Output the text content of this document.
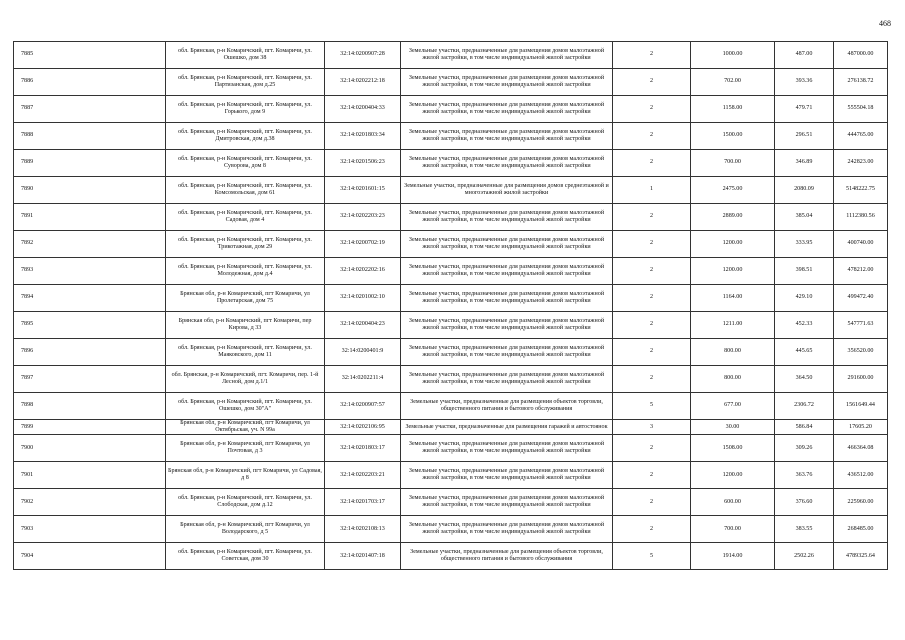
468
7885	обл. Брянская, р-н Комаричский, пгт. Комаричи, ул. Ошешко, дом 38	32:14:0200907:28	Земельные участки, предназначенные для размещения домов малоэтажной жилой застройки, в том числе индивидуальной жилой застройки	2	1000.00	487.00	487000.00
7886	обл. Брянская, р-н Комаричский, пгт. Комаричи, ул. Партизанская, дом д.25	32:14:0202212:18	Земельные участки, предназначенные для размещения домов малоэтажной жилой застройки, в том числе индивидуальной жилой застройки	2	702.00	393.36	276138.72
7887	обл. Брянская, р-н Комаричский, пгт. Комаричи, ул. Горького, дом 9	32:14:0200404:33	Земельные участки, предназначенные для размещения домов малоэтажной жилой застройки, в том числе индивидуальной жилой застройки	2	1158.00	479.71	555504.18
7888	обл. Брянская, р-н Комаричский, пгт. Комаричи, ул. Дмитровская, дом д.38	32:14:0201803:34	Земельные участки, предназначенные для размещения домов малоэтажной жилой застройки, в том числе индивидуальной жилой застройки	2	1500.00	296.51	444765.00
7889	обл. Брянская, р-н Комаричский, пгт. Комаричи, ул. Суворова, дом 8	32:14:0201506:23	Земельные участки, предназначенные для размещения домов малоэтажной жилой застройки, в том числе индивидуальной жилой застройки	2	700.00	346.89	242823.00
7890	обл. Брянская, р-н Комаричский, пгт. Комаричи, ул. Комсомольская, дом 61	32:14:0201601:15	Земельные участки, предназначенные для размещения домов среднеэтажной и многоэтажной жилой застройки	1	2475.00	2080.09	5148222.75
7891	обл. Брянская, р-н Комаричский, пгт. Комаричи, ул. Садовая, дом 4	32:14:0202203:23	Земельные участки, предназначенные для размещения домов малоэтажной жилой застройки, в том числе индивидуальной жилой застройки	2	2889.00	385.04	1112380.56
7892	обл. Брянская, р-н Комаричский, пгт. Комаричи, ул. Трикотажная, дом 29	32:14:0200702:19	Земельные участки, предназначенные для размещения домов малоэтажной жилой застройки, в том числе индивидуальной жилой застройки	2	1200.00	333.95	400740.00
7893	обл. Брянская, р-н Комаричский, пгт. Комаричи, ул. Молодежная, дом д.4	32:14:0202202:16	Земельные участки, предназначенные для размещения домов малоэтажной жилой застройки, в том числе индивидуальной жилой застройки	2	1200.00	398.51	478212.00
7894	Брянская обл, р-н Комаричский, пгт Комаричи, ул Пролетарская, дом 75	32:14:0201002:10	Земельные участки, предназначенные для размещения домов малоэтажной жилой застройки, в том числе индивидуальной жилой застройки	2	1164.00	429.10	499472.40
7895	Брянская обл, р-н Комаричский, пгт Комаричи, пер Кирова, д 33	32:14:0200404:23	Земельные участки, предназначенные для размещения домов малоэтажной жилой застройки, в том числе индивидуальной жилой застройки	2	1211.00	452.33	547771.63
7896	обл. Брянская, р-н Комаричский, пгт. Комаричи, ул. Маяковского, дом 11	32:14:0200401:9	Земельные участки, предназначенные для размещения домов малоэтажной жилой застройки, в том числе индивидуальной жилой застройки	2	800.00	445.65	356520.00
7897	обл. Брянская, р-н Комаричский, пгт. Комаричи, пер. 1-й Лесной, дом д.1/1	32:14:0202211:4	Земельные участки, предназначенные для размещения домов малоэтажной жилой застройки, в том числе индивидуальной жилой застройки	2	800.00	364.50	291600.00
7898	обл. Брянская, р-н Комаричский, пгт. Комаричи, ул. Ошешко, дом 30"А"	32:14:0200907:57	Земельные участки, предназначенные для размещения объектов торговли, общественного питания и бытового обслуживания	5	677.00	2306.72	1561649.44
7899	Брянская обл, р-н Комаричский, пгт Комаричи, ул Октябрьская, уч. N 99а	32:14:0202106:95	Земельные участки, предназначенные для размещения гаражей и автостоянок	3	30.00	586.84	17605.20
7900	Брянская обл, р-н Комаричский, пгт Комаричи, ул Почтовая, д 3	32:14:0201803:17	Земельные участки, предназначенные для размещения домов малоэтажной жилой застройки, в том числе индивидуальной жилой застройки	2	1508.00	309.26	466364.08
7901	Брянская обл, р-н Комаричский, пгт Комаричи, ул Садовая, д 8	32:14:0202203:21	Земельные участки, предназначенные для размещения домов малоэтажной жилой застройки, в том числе индивидуальной жилой застройки	2	1200.00	363.76	436512.00
7902	обл. Брянская, р-н Комаричский, пгт. Комаричи, ул. Слободская, дом д.12	32:14:0201703:17	Земельные участки, предназначенные для размещения домов малоэтажной жилой застройки, в том числе индивидуальной жилой застройки	2	600.00	376.60	225960.00
7903	Брянская обл, р-н Комаричский, пгт Комаричи, ул Володарского, д 5	32:14:0202108:13	Земельные участки, предназначенные для размещения домов малоэтажной жилой застройки, в том числе индивидуальной жилой застройки	2	700.00	383.55	268485.00
7904	обл. Брянская, р-н Комаричский, пгт. Комаричи, ул. Советская, дом 30	32:14:0201407:18	Земельные участки, предназначенные для размещения объектов торговли, общественного питания и бытового обслуживания	5	1914.00	2502.26	4789325.64
